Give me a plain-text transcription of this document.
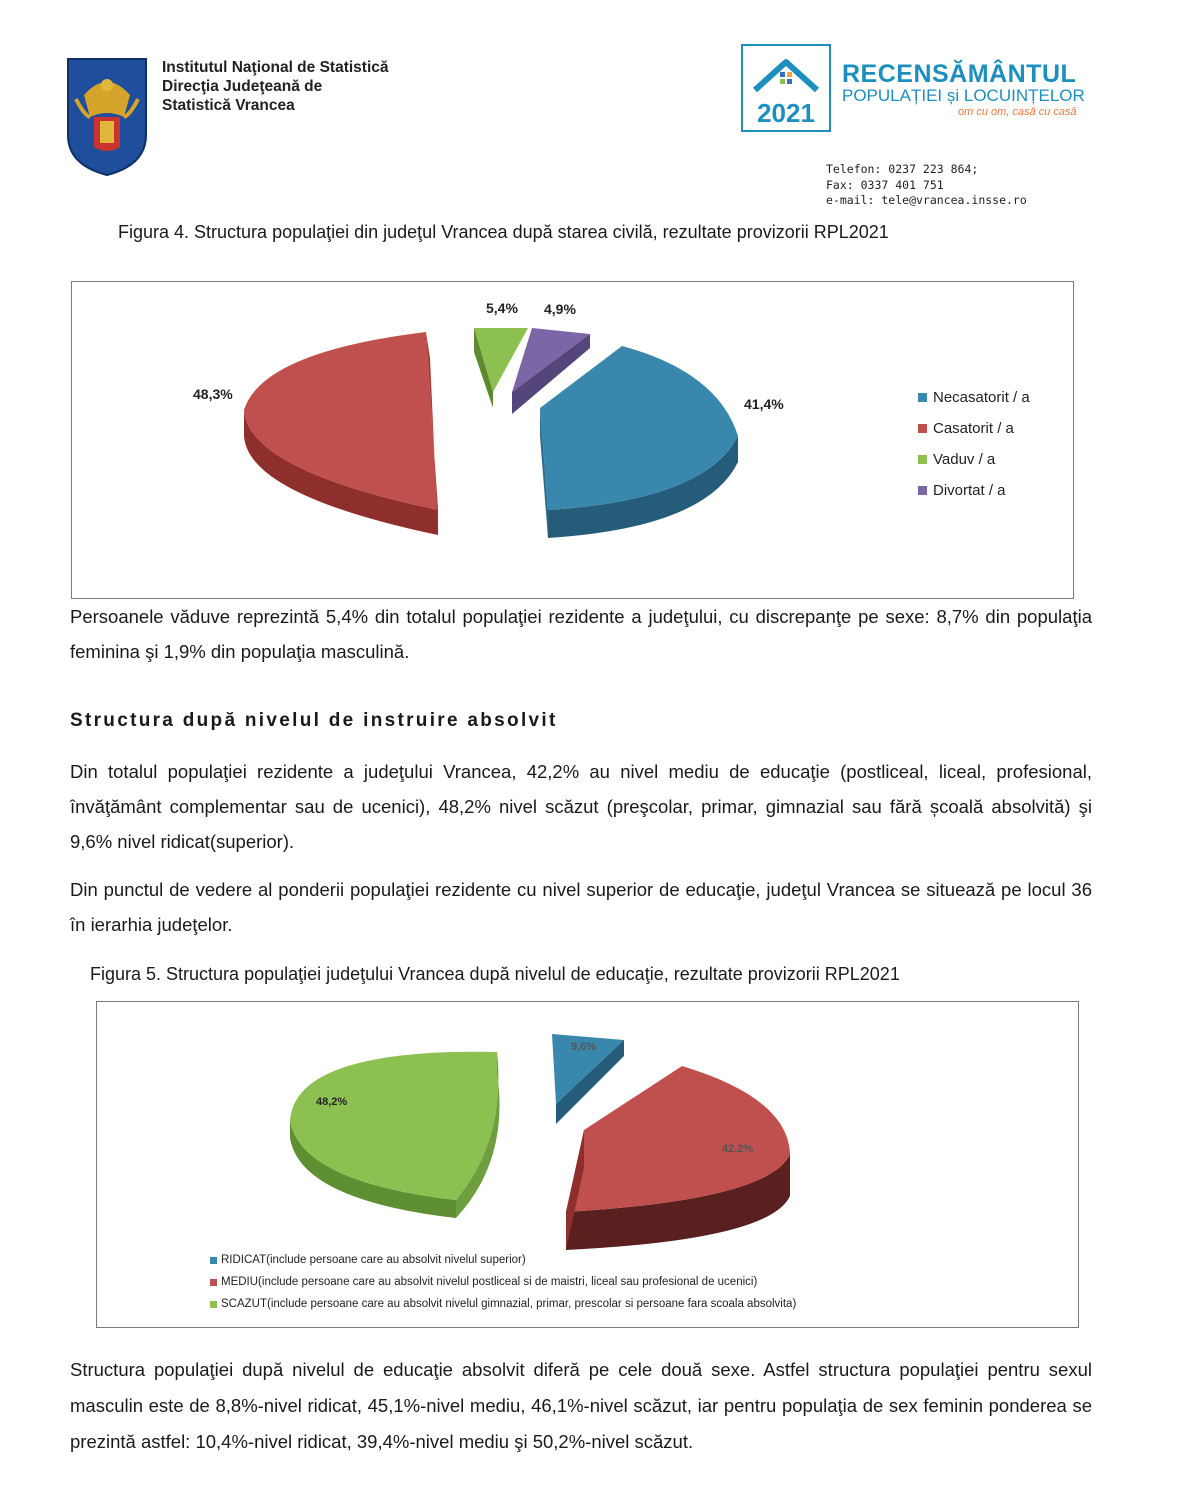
Institutul Naţional de Statistică
Direcţia Judeţeană de
Statistică Vrancea	2021
RECENSĂMÂNTUL
POPULAȚIEI și LOCUINȚELOR
om cu om, casă cu casă
Telefon: 0237 223 864;
Fax: 0337 401 751
e-mail: tele@vrancea.insse.ro
Figura 4. Structura populaţiei din judeţul Vrancea după starea civilă, rezultate provizorii RPL2021
48,3%
41,4%
5,4% 4,9%
48,2%
9,6%
42,2%
Necasatorit / a
Casatorit / a
Vaduv / a
Divortat / a
Persoanele văduve reprezintă 5,4% din totalul populaţiei rezidente a judeţului, cu discrepanţe pe sexe: 8,7% din populaţia feminina şi 1,9% din populaţia masculină.
Structura după nivelul de instruire absolvit
Din totalul populaţiei rezidente a judeţului Vrancea, 42,2% au nivel mediu de educaţie (postliceal, liceal, profesional, învăţământ complementar sau de ucenici), 48,2% nivel scăzut (preşcolar, primar, gimnazial sau fără școală absolvită) şi 9,6% nivel ridicat(superior).
Din punctul de vedere al ponderii populaţiei rezidente cu nivel superior de educaţie, judeţul Vrancea se situează pe locul 36 în ierarhia judeţelor.
Figura 5. Structura populaţiei judeţului Vrancea după nivelul de educaţie, rezultate provizorii RPL2021
RIDICAT(include persoane care au absolvit nivelul superior)
MEDIU(include persoane care au absolvit nivelul postliceal si de maistri, liceal sau profesional de ucenici)
SCAZUT(include persoane care au absolvit nivelul gimnazial, primar, prescolar si persoane fara scoala absolvita)
Structura populaţiei după nivelul de educaţie absolvit diferă pe cele două sexe. Astfel structura populaţiei pentru sexul masculin este de 8,8%-nivel ridicat, 45,1%-nivel mediu, 46,1%-nivel scăzut, iar pentru populaţia de sex feminin ponderea se prezintă astfel: 10,4%-nivel ridicat, 39,4%-nivel mediu şi 50,2%-nivel scăzut.
